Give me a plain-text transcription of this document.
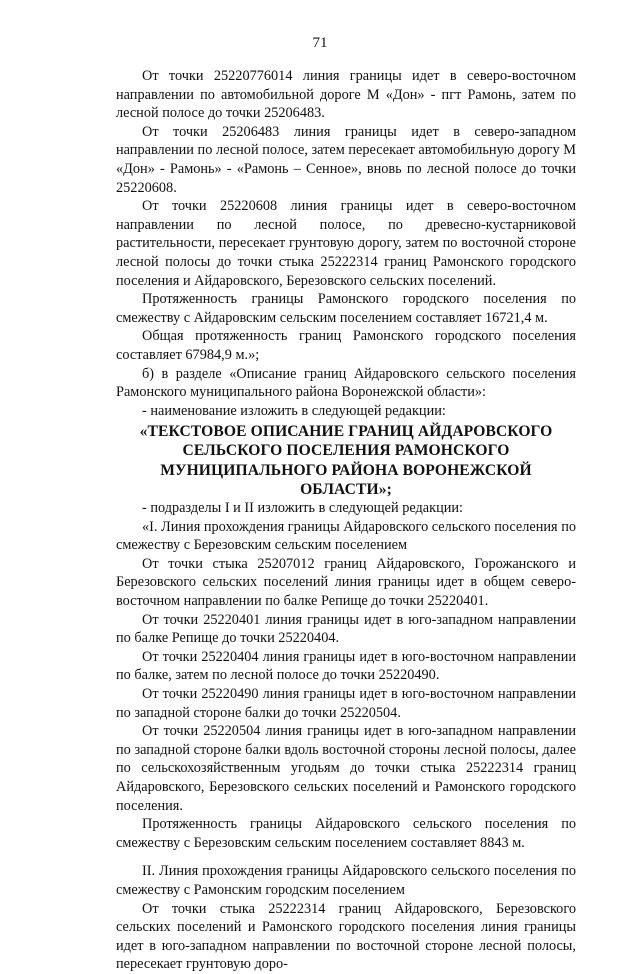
71

От точки 25220776014 линия границы идет в северо-восточном направлении по автомобильной дороге М «Дон» - пгт Рамонь, затем по лесной полосе до точки 25206483.

От точки 25206483 линия границы идет в северо-западном направлении по лесной полосе, затем пересекает автомобильную дорогу М «Дон» - Рамонь» - «Рамонь – Сенное», вновь по лесной полосе до точки 25220608.

От точки 25220608 линия границы идет в северо-восточном направлении по лесной полосе, по древесно-кустарниковой растительности, пересекает грунтовую дорогу, затем по восточной стороне лесной полосы до точки стыка 25222314 границ Рамонского городского поселения и Айдаровского, Березовского сельских поселений.

Протяженность границы Рамонского городского поселения по смежеству с Айдаровским сельским поселением составляет 16721,4 м.

Общая протяженность границ Рамонского городского поселения составляет 67984,9 м.»;

б) в разделе «Описание границ Айдаровского сельского поселения Рамонского муниципального района Воронежской области»:

- наименование изложить в следующей редакции:

«ТЕКСТОВОЕ ОПИСАНИЕ ГРАНИЦ АЙДАРОВСКОГО СЕЛЬСКОГО ПОСЕЛЕНИЯ РАМОНСКОГО МУНИЦИПАЛЬНОГО РАЙОНА ВОРОНЕЖСКОЙ ОБЛАСТИ»;

- подразделы I и II изложить в следующей редакции:

«I. Линия прохождения границы Айдаровского сельского поселения по смежеству с Березовским сельским поселением

От точки стыка 25207012 границ Айдаровского, Горожанского и Березовского сельских поселений линия границы идет в общем северо-восточном направлении по балке Репище до точки 25220401.

От точки 25220401 линия границы идет в юго-западном направлении по балке Репище до точки 25220404.

От точки 25220404 линия границы идет в юго-восточном направлении по балке, затем по лесной полосе до точки 25220490.

От точки 25220490 линия границы идет в юго-восточном направлении по западной стороне балки до точки 25220504.

От точки 25220504 линия границы идет в юго-западном направлении по западной стороне балки вдоль восточной стороны лесной полосы, далее по сельскохозяйственным угодьям до точки стыка 25222314 границ Айдаровского, Березовского сельских поселений и Рамонского городского поселения.

Протяженность границы Айдаровского сельского поселения по смежеству с Березовским сельским поселением составляет 8843 м.

II. Линия прохождения границы Айдаровского сельского поселения по смежеству с Рамонским городским поселением

От точки стыка 25222314 границ Айдаровского, Березовского сельских поселений и Рамонского городского поселения линия границы идет в юго-западном направлении по восточной стороне лесной полосы, пересекает грунтовую доро-
